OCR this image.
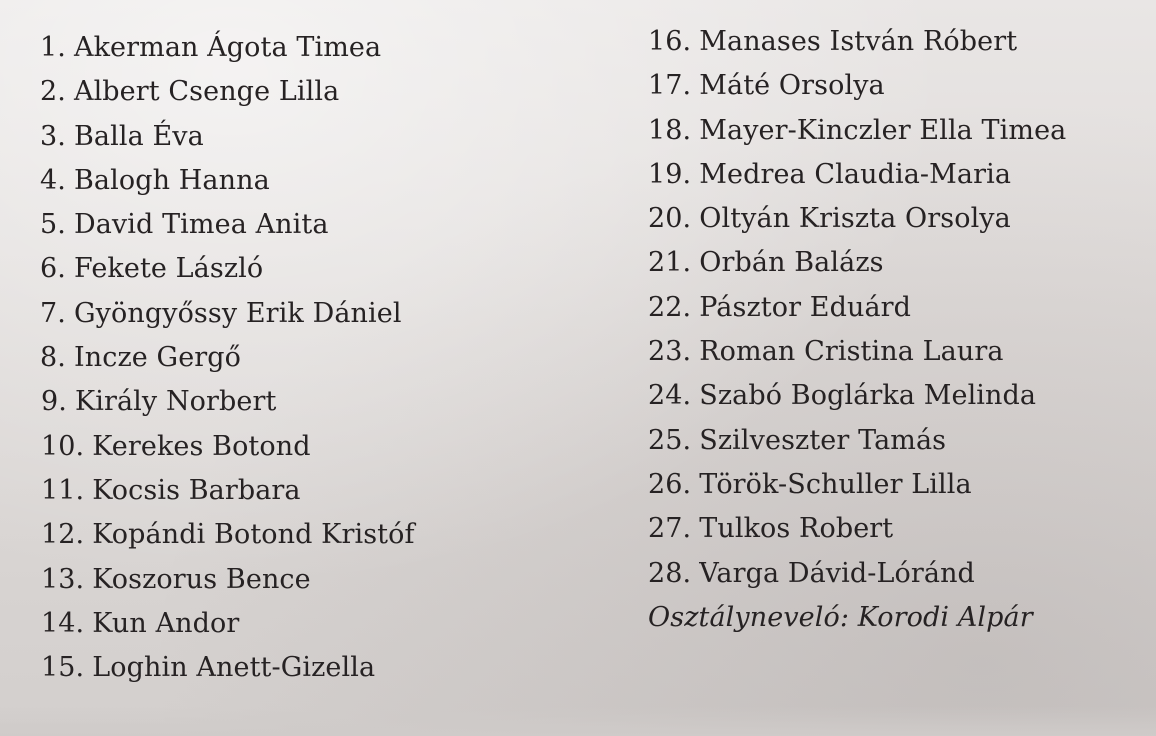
1. Akerman Ágota Timea
2. Albert Csenge Lilla
3. Balla Éva
4. Balogh Hanna
5. David Timea Anita
6. Fekete László
7. Gyöngyőssy Erik Dániel
8. Incze Gergő
9. Király Norbert
10. Kerekes Botond
11. Kocsis Barbara
12. Kopándi Botond Kristóf
13. Koszorus Bence
14. Kun Andor
15. Loghin Anett-Gizella
16. Manases István Róbert
17. Máté Orsolya
18. Mayer-Kinczler Ella Timea
19. Medrea Claudia-Maria
20. Oltyán Kriszta Orsolya
21. Orbán Balázs
22. Pásztor Eduárd
23. Roman Cristina Laura
24. Szabó Boglárka Melinda
25. Szilveszter Tamás
26. Török-Schuller Lilla
27. Tulkos Robert
28. Varga Dávid-Lóránd
Osztályneveló: Korodi Alpár
